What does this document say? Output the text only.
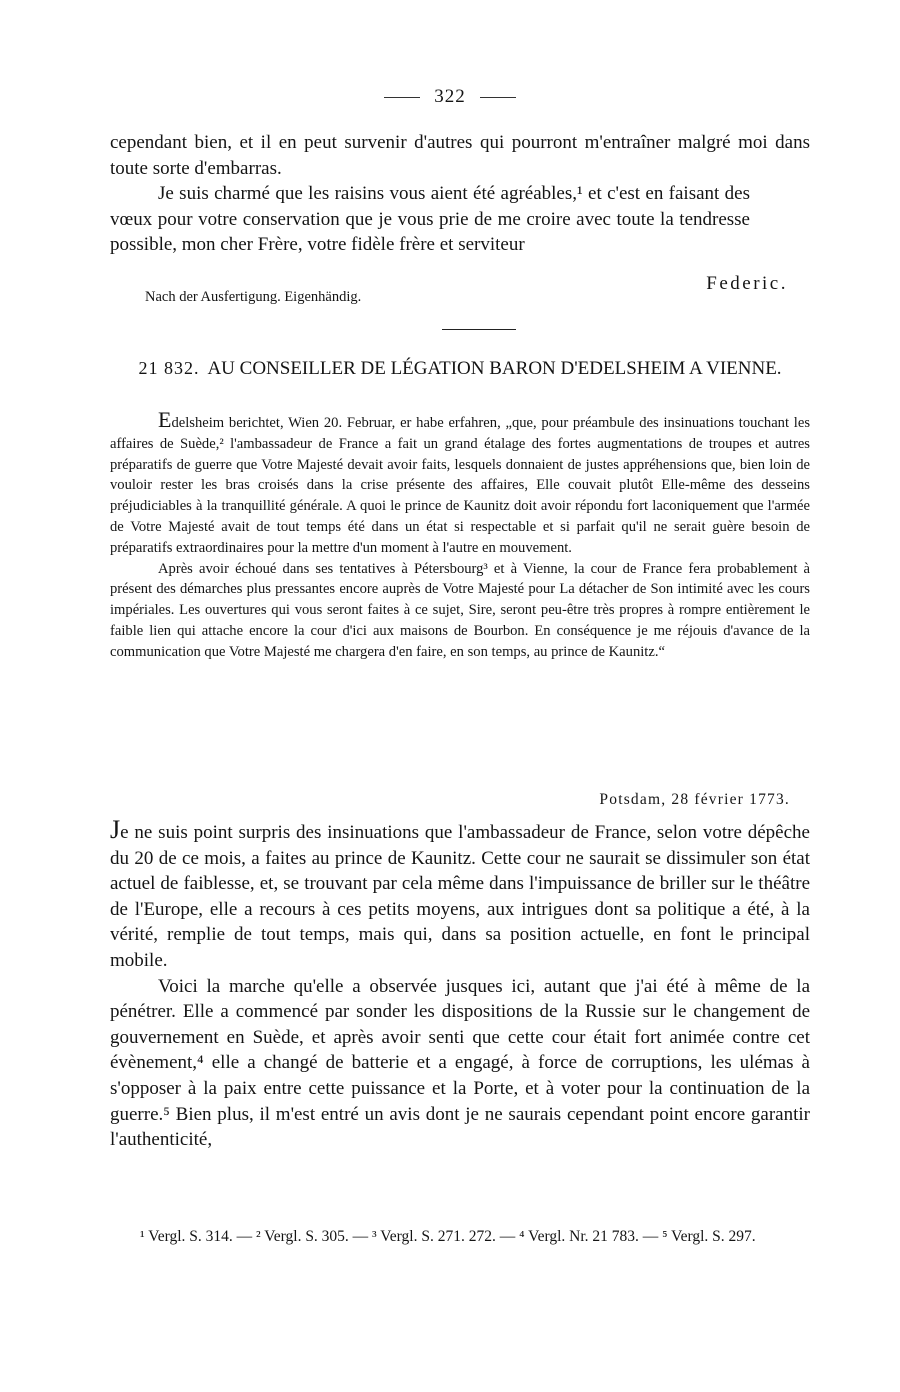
322

cependant bien, et il en peut survenir d'autres qui pourront m'entraîner malgré moi dans toute sorte d'embarras.

Je suis charmé que les raisins vous aient été agréables,¹ et c'est en faisant des vœux pour votre conservation que je vous prie de me croire avec toute la tendresse possible, mon cher Frère, votre fidèle frère et serviteur

Federic.
Nach der Ausfertigung. Eigenhändig.
21 832. AU CONSEILLER DE LÉGATION BARON D'EDELSHEIM A VIENNE.

Edelsheim berichtet, Wien 20. Februar, er habe erfahren, „que, pour préambule des insinuations touchant les affaires de Suède,² l'ambassadeur de France a fait un grand étalage des fortes augmentations de troupes et autres préparatifs de guerre que Votre Majesté devait avoir faits, lesquels donnaient de justes appréhensions que, bien loin de vouloir rester les bras croisés dans la crise présente des affaires, Elle couvait plutôt Elle-même des desseins préjudiciables à la tranquillité générale. A quoi le prince de Kaunitz doit avoir répondu fort laconiquement que l'armée de Votre Majesté avait de tout temps été dans un état si respectable et si parfait qu'il ne serait guère besoin de préparatifs extraordinaires pour la mettre d'un moment à l'autre en mouvement.

Après avoir échoué dans ses tentatives à Pétersbourg³ et à Vienne, la cour de France fera probablement à présent des démarches plus pressantes encore auprès de Votre Majesté pour La détacher de Son intimité avec les cours impériales. Les ouvertures qui vous seront faites à ce sujet, Sire, seront peu-être très propres à rompre entièrement le faible lien qui attache encore la cour d'ici aux maisons de Bourbon. En conséquence je me réjouis d'avance de la communication que Votre Majesté me chargera d'en faire, en son temps, au prince de Kaunitz.“

Potsdam, 28 février 1773.

Je ne suis point surpris des insinuations que l'ambassadeur de France, selon votre dépêche du 20 de ce mois, a faites au prince de Kaunitz. Cette cour ne saurait se dissimuler son état actuel de faiblesse, et, se trouvant par cela même dans l'impuissance de briller sur le théâtre de l'Europe, elle a recours à ces petits moyens, aux intrigues dont sa politique a été, à la vérité, remplie de tout temps, mais qui, dans sa position actuelle, en font le principal mobile.

Voici la marche qu'elle a observée jusques ici, autant que j'ai été à même de la pénétrer. Elle a commencé par sonder les dispositions de la Russie sur le changement de gouvernement en Suède, et après avoir senti que cette cour était fort animée contre cet évènement,⁴ elle a changé de batterie et a engagé, à force de corruptions, les ulémas à s'opposer à la paix entre cette puissance et la Porte, et à voter pour la continuation de la guerre.⁵ Bien plus, il m'est entré un avis dont je ne saurais cependant point encore garantir l'authenticité,

¹ Vergl. S. 314. — ² Vergl. S. 305. — ³ Vergl. S. 271. 272. — ⁴ Vergl. Nr. 21 783. — ⁵ Vergl. S. 297.
